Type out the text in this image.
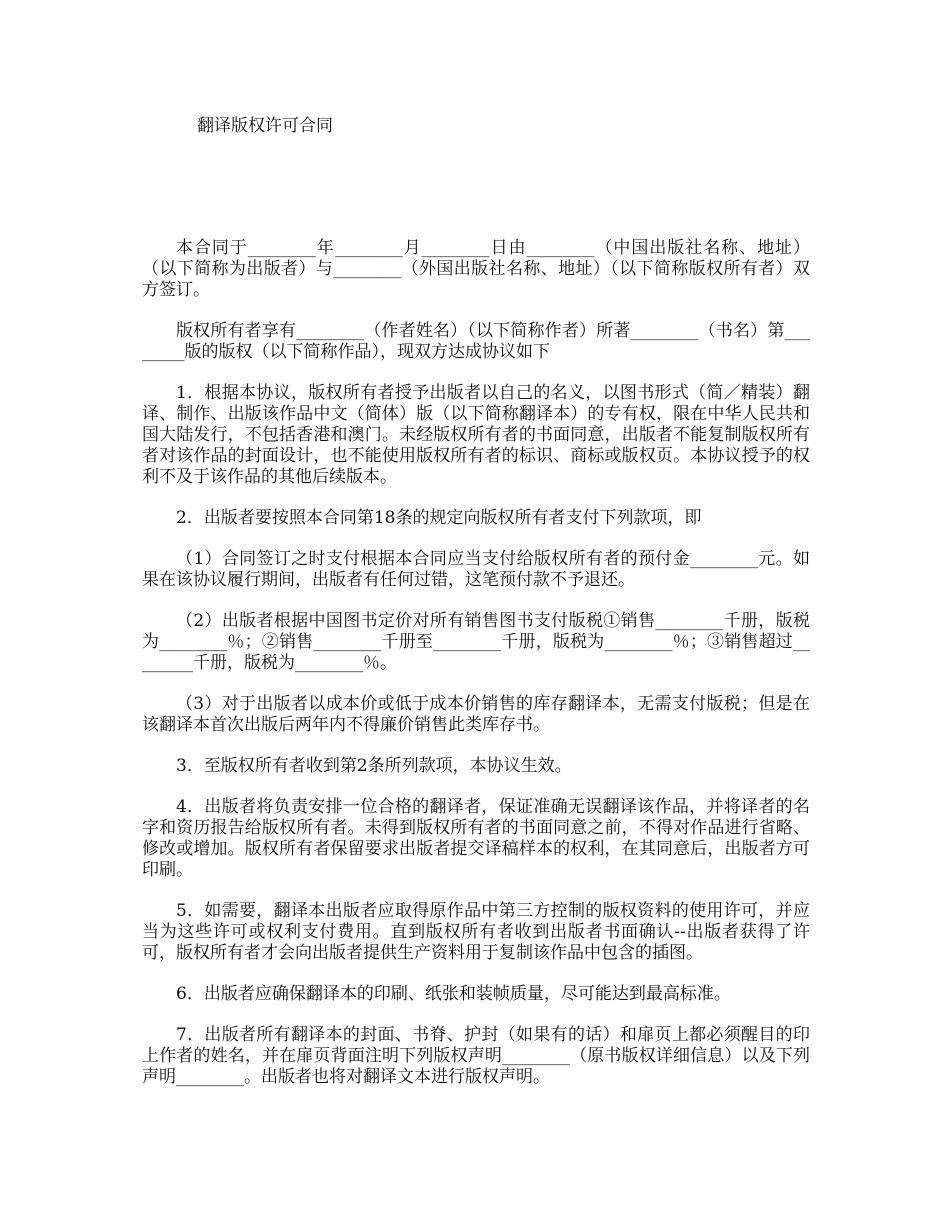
翻译版权许可合同

本合同于________年________月________日由________（中国出版社名称、地址）（以下简称为出版者）与________（外国出版社名称、地址）（以下简称版权所有者）双方签订。

版权所有者享有________（作者姓名）（以下简称作者）所著________（书名）第________版的版权（以下简称作品），现双方达成协议如下

1．根据本协议，版权所有者授予出版者以自己的名义，以图书形式（简／精装）翻译、制作、出版该作品中文（简体）版（以下简称翻译本）的专有权，限在中华人民共和国大陆发行，不包括香港和澳门。未经版权所有者的书面同意，出版者不能复制版权所有者对该作品的封面设计，也不能使用版权所有者的标识、商标或版权页。本协议授予的权利不及于该作品的其他后续版本。

2．出版者要按照本合同第18条的规定向版权所有者支付下列款项，即

（1）合同签订之时支付根据本合同应当支付给版权所有者的预付金________元。如果在该协议履行期间，出版者有任何过错，这笔预付款不予退还。

（2）出版者根据中国图书定价对所有销售图书支付版税①销售________千册，版税为________％；②销售________千册至________千册，版税为________％；③销售超过________千册，版税为________％。

（3）对于出版者以成本价或低于成本价销售的库存翻译本，无需支付版税；但是在该翻译本首次出版后两年内不得廉价销售此类库存书。

3．至版权所有者收到第2条所列款项，本协议生效。

4．出版者将负责安排一位合格的翻译者，保证准确无误翻译该作品，并将译者的名字和资历报告给版权所有者。未得到版权所有者的书面同意之前，不得对作品进行省略、修改或增加。版权所有者保留要求出版者提交译稿样本的权利，在其同意后，出版者方可印刷。

5．如需要，翻译本出版者应取得原作品中第三方控制的版权资料的使用许可，并应当为这些许可或权利支付费用。直到版权所有者收到出版者书面确认--出版者获得了许可，版权所有者才会向出版者提供生产资料用于复制该作品中包含的插图。

6．出版者应确保翻译本的印刷、纸张和装帧质量，尽可能达到最高标准。

7．出版者所有翻译本的封面、书脊、护封（如果有的话）和扉页上都必须醒目的印上作者的姓名，并在扉页背面注明下列版权声明________（原书版权详细信息）以及下列声明________。出版者也将对翻译文本进行版权声明。
